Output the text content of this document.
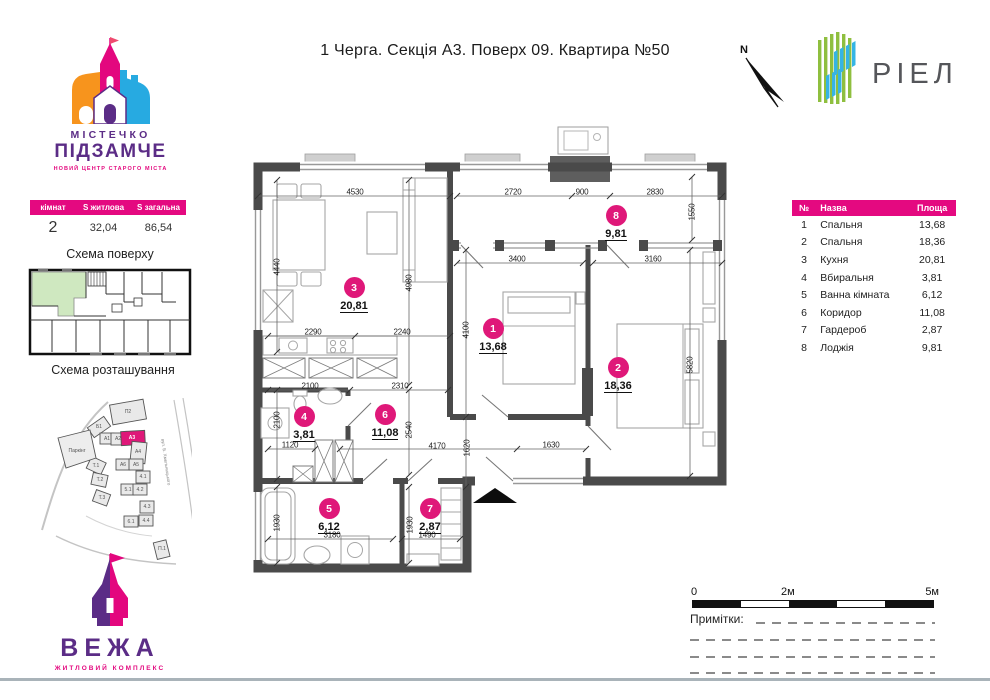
1 Черга. Секція А3. Поверх 09. Квартира №50
МІСТЕЧКО
ПІДЗАМЧЕ
НОВИЙ ЦЕНТР СТАРОГО МІСТА
кімнат	S житлова	S загальна
2	32,04	86,54
Схема поверху
Схема розташування
вул. Б. Хмельницького
П2
Б1
А1 А2 А3
А4
А6 А5
4.1
5.1 4.2
4.3
6.1 4.4
Т.1
Т.2
Т.3
Паркінг
П.1
ВЕЖА
ЖИТЛОВИЙ КОМПЛЕКС
N
РІЕЛ
№	Назва	Площа
1	Спальня	13,68
2	Спальня	18,36
3	Кухня	20,81
4	Вбиральня	3,81
5	Ванна кімната	6,12
6	Коридор	11,08
7	Гардероб	2,87
8	Лоджія	9,81
4530	2720	900	2830
1550
4440
4980
3400	3160
4100
5820
2290	2240
2100	2310
2100
2540
1120	4170 1620	1630
1930
3180
1930
1490
1
13,68
2
18,36
3
20,81
4
3,81
5
6,12
6
11,08
7
2,87
8
9,81
0	2м	5м
Примітки:
